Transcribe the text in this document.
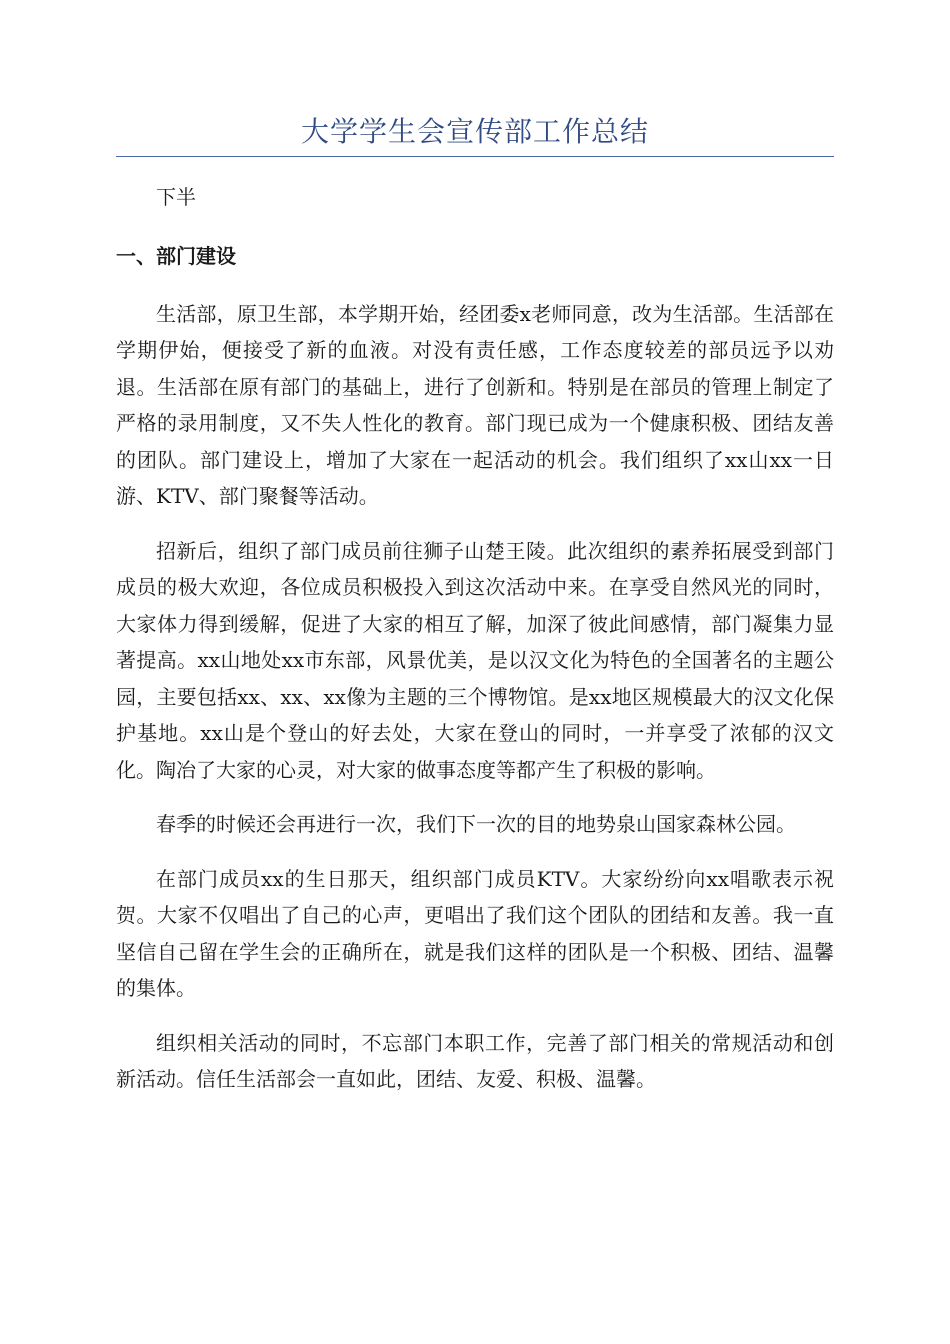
大学学生会宣传部工作总结

下半

一、部门建设

生活部，原卫生部，本学期开始，经团委x老师同意，改为生活部。生活部在学期伊始，便接受了新的血液。对没有责任感，工作态度较差的部员远予以劝退。生活部在原有部门的基础上，进行了创新和。特别是在部员的管理上制定了严格的录用制度，又不失人性化的教育。部门现已成为一个健康积极、团结友善的团队。部门建设上，增加了大家在一起活动的机会。我们组织了xx山xx一日游、KTV、部门聚餐等活动。

招新后，组织了部门成员前往狮子山楚王陵。此次组织的素养拓展受到部门成员的极大欢迎，各位成员积极投入到这次活动中来。在享受自然风光的同时，大家体力得到缓解，促进了大家的相互了解，加深了彼此间感情，部门凝集力显著提高。xx山地处xx市东部，风景优美，是以汉文化为特色的全国著名的主题公园，主要包括xx、xx、xx像为主题的三个博物馆。是xx地区规模最大的汉文化保护基地。xx山是个登山的好去处，大家在登山的同时，一并享受了浓郁的汉文化。陶冶了大家的心灵，对大家的做事态度等都产生了积极的影响。

春季的时候还会再进行一次，我们下一次的目的地势泉山国家森林公园。

在部门成员xx的生日那天，组织部门成员KTV。大家纷纷向xx唱歌表示祝贺。大家不仅唱出了自己的心声，更唱出了我们这个团队的团结和友善。我一直坚信自己留在学生会的正确所在，就是我们这样的团队是一个积极、团结、温馨的集体。

组织相关活动的同时，不忘部门本职工作，完善了部门相关的常规活动和创新活动。信任生活部会一直如此，团结、友爱、积极、温馨。
